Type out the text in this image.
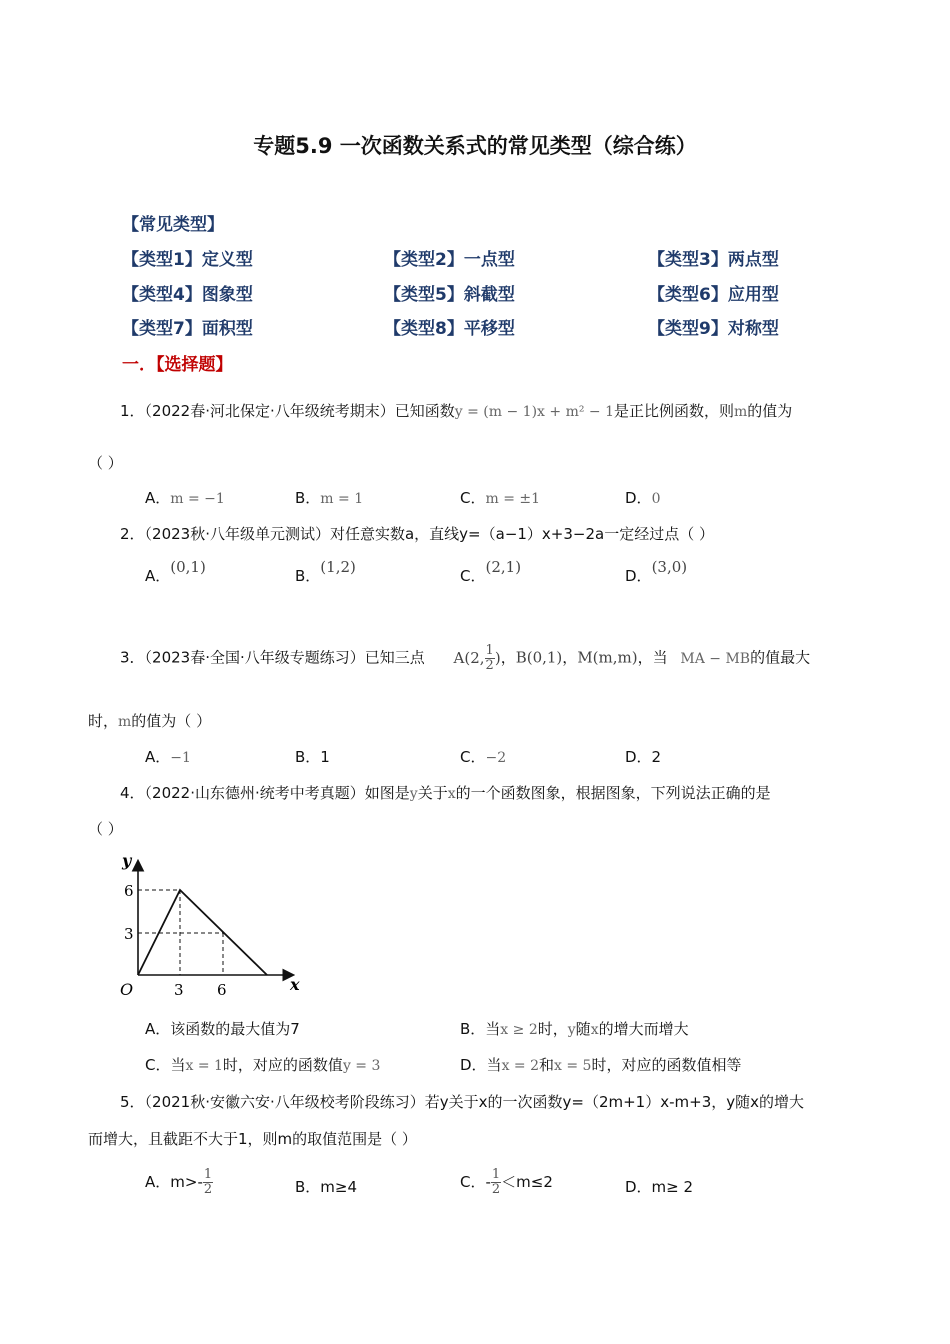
专题5.9 一次函数关系式的常见类型（综合练）
【常见类型】
【类型1】定义型	【类型2】一点型	【类型3】两点型
【类型4】图象型	【类型5】斜截型	【类型6】应用型
【类型7】面积型	【类型8】平移型	【类型9】对称型
一．【选择题】
1．（2022春·河北保定·八年级统考期末）已知函数y = (m − 1)x + m² − 1是正比例函数，则m的值为
（ ）
A．m = −1	B．m = 1	C．m = ±1	D．0
2．（2023秋·八年级单元测试）对任意实数a，直线y=（a−1）x+3−2a一定经过点（ ）
A．(0,1)	B．(1,2)	C．(2,1)	D．(3,0)
3．（2023春·全国·八年级专题练习）已知三点 A(2, $\frac{1}{2}$ )，B(0,1)，M(m,m)，当 MA − MB的值最大
时，m的值为（ ）
A．−1	B．1	C．−2	D．2
4．（2022·山东德州·统考中考真题）如图是y关于x的一个函数图象，根据图象，下列说法正确的是
（ ）
y
x
O	3 6
3
6
A．该函数的最大值为7	B．当x ≥ 2时，y随x的增大而增大
C．当x = 1时，对应的函数值y = 3	D．当x = 2和x = 5时，对应的函数值相等
5．（2021秋·安徽六安·八年级校考阶段练习）若y关于x的一次函数y=（2m+1）x-m+3，y随x的增大
而增大，且截距不大于1，则m的取值范围是（ ）
A．$m>- \frac{1}{2}$	B．m≥4	C．- $\frac{1}{2} <m\le 2$	D．m≥ 2
